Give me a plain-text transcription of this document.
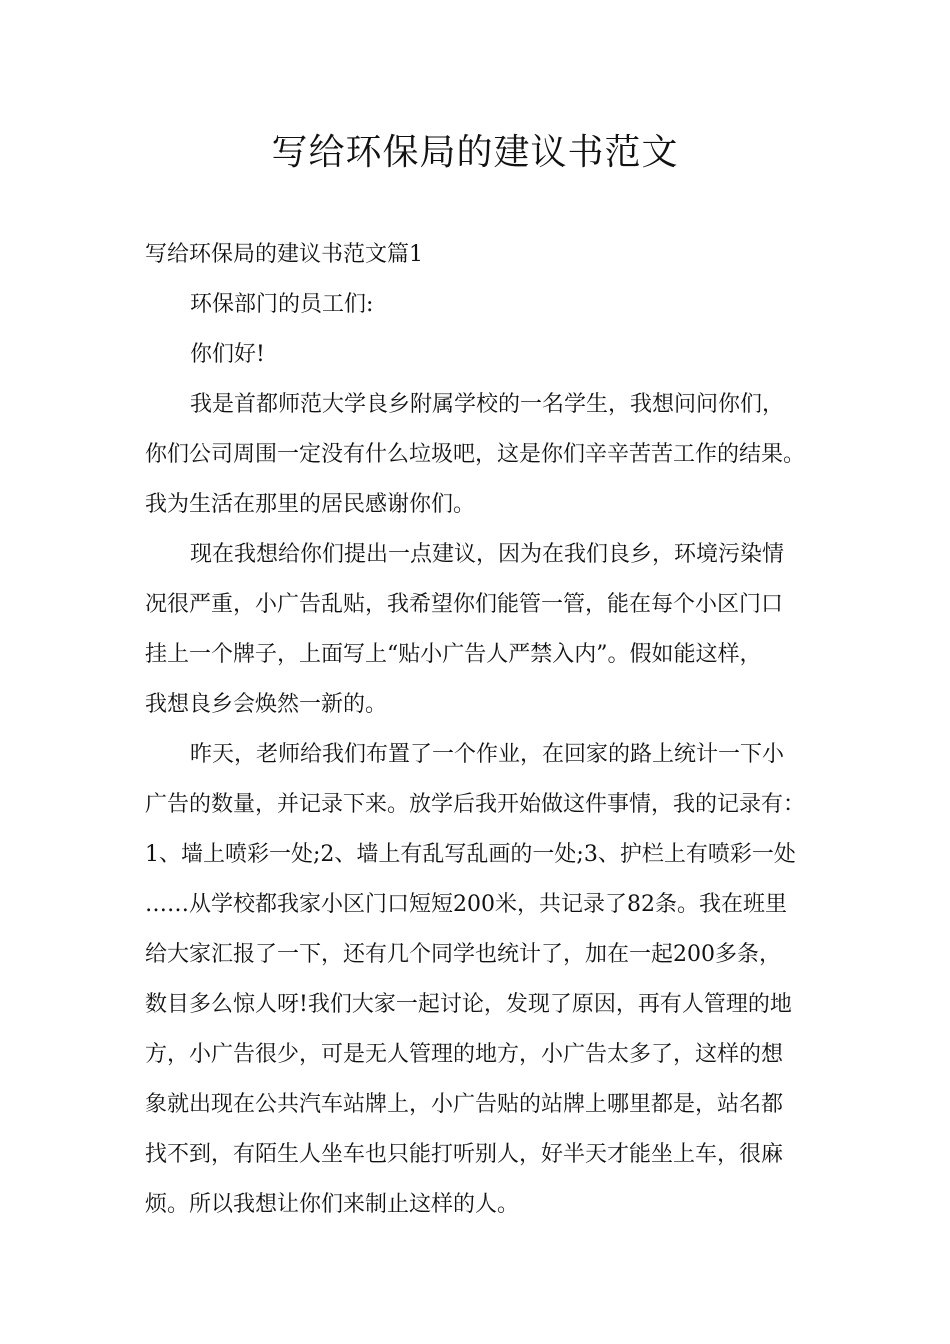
写给环保局的建议书范文
写给环保局的建议书范文篇1
环保部门的员工们:
你们好!
我是首都师范大学良乡附属学校的一名学生，我想问问你们，
你们公司周围一定没有什么垃圾吧，这是你们辛辛苦苦工作的结果。
我为生活在那里的居民感谢你们。
现在我想给你们提出一点建议，因为在我们良乡，环境污染情
况很严重，小广告乱贴，我希望你们能管一管，能在每个小区门口
挂上一个牌子，上面写上“贴小广告人严禁入内”。假如能这样，
我想良乡会焕然一新的。
昨天，老师给我们布置了一个作业，在回家的路上统计一下小
广告的数量，并记录下来。放学后我开始做这件事情，我的记录有：
1、墙上喷彩一处;2、墙上有乱写乱画的一处;3、护栏上有喷彩一处
……从学校都我家小区门口短短200米，共记录了82条。我在班里
给大家汇报了一下，还有几个同学也统计了，加在一起200多条，
数目多么惊人呀!我们大家一起讨论，发现了原因，再有人管理的地
方，小广告很少，可是无人管理的地方，小广告太多了，这样的想
象就出现在公共汽车站牌上，小广告贴的站牌上哪里都是，站名都
找不到，有陌生人坐车也只能打听别人，好半天才能坐上车，很麻
烦。所以我想让你们来制止这样的人。
